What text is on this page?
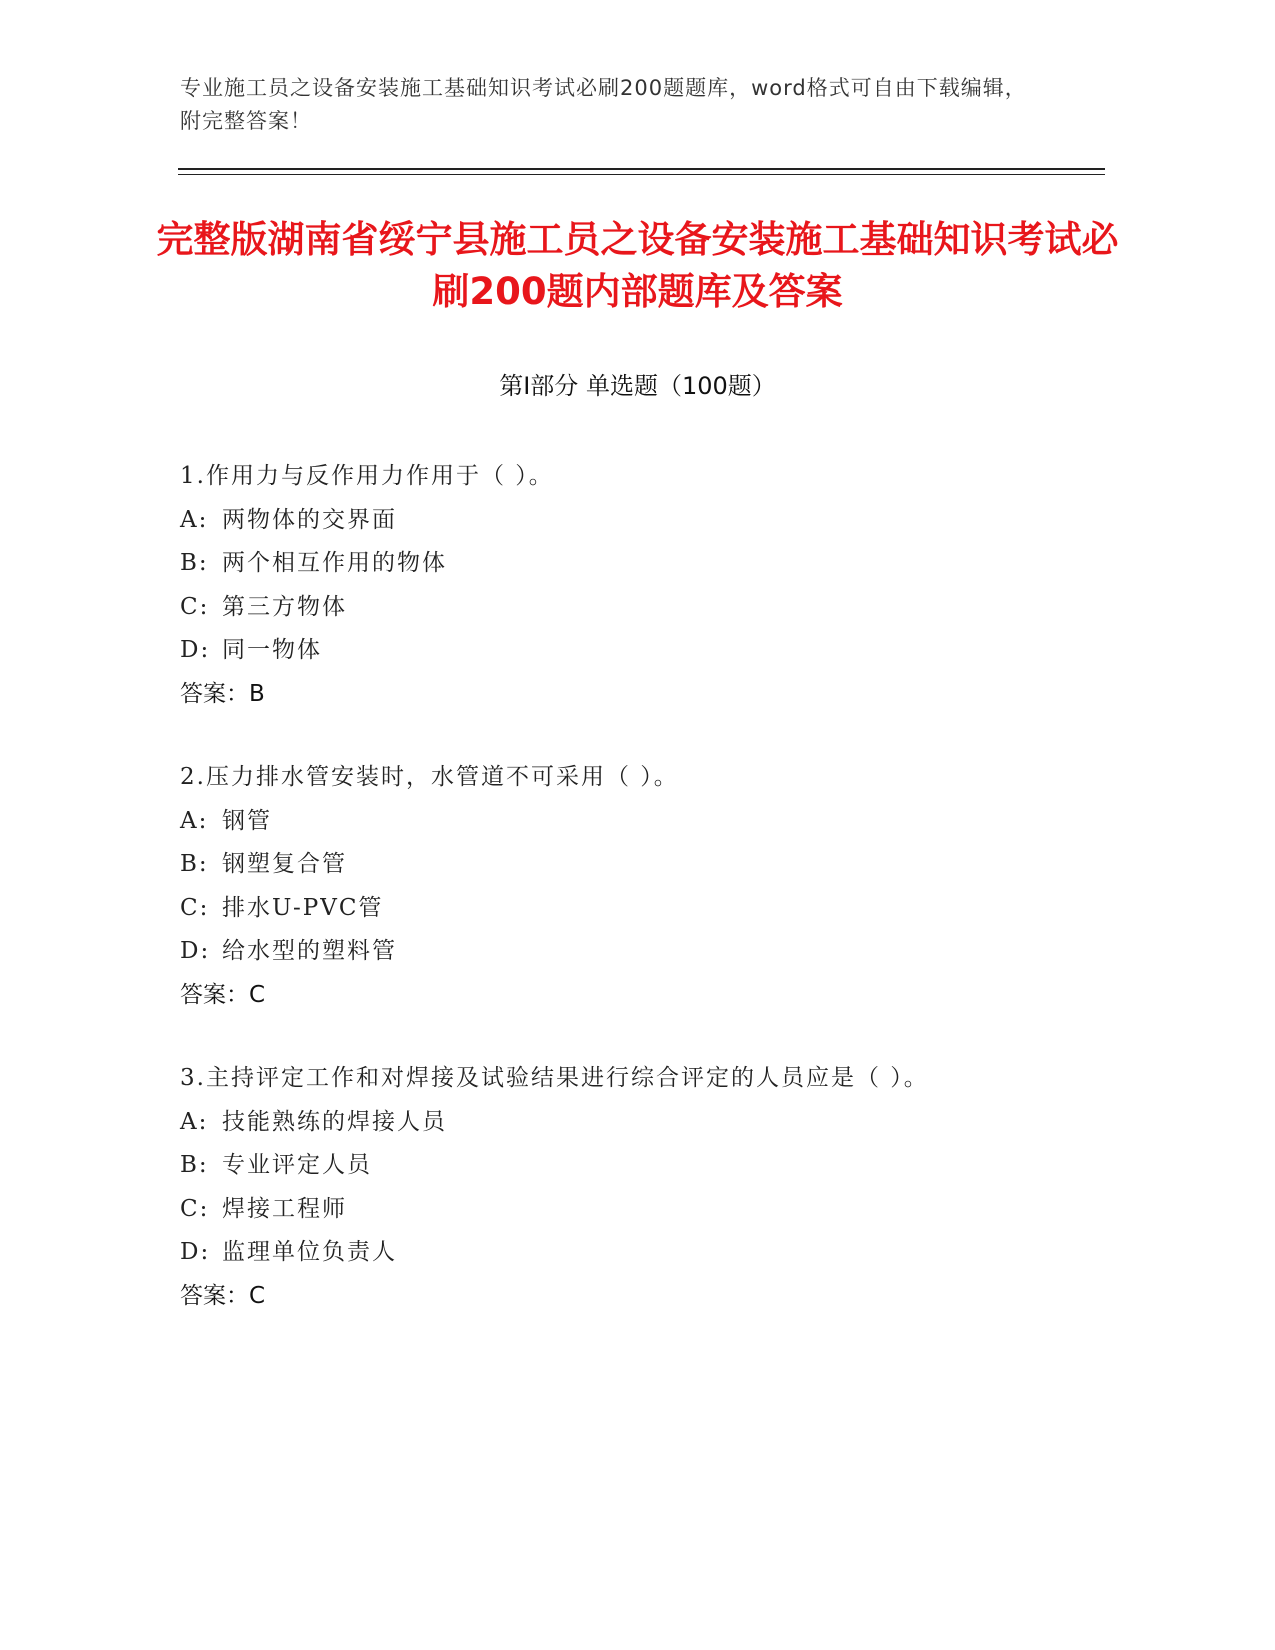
专业施工员之设备安装施工基础知识考试必刷200题题库，word格式可自由下载编辑，附完整答案！
完整版湖南省绥宁县施工员之设备安装施工基础知识考试必刷200题内部题库及答案
第I部分 单选题（100题）
1.作用力与反作用力作用于（ ）。
A: 两物体的交界面
B: 两个相互作用的物体
C: 第三方物体
D: 同一物体
答案：B
2.压力排水管安装时，水管道不可采用（ ）。
A: 钢管
B: 钢塑复合管
C: 排水U-PVC管
D: 给水型的塑料管
答案：C
3.主持评定工作和对焊接及试验结果进行综合评定的人员应是（ ）。
A: 技能熟练的焊接人员
B: 专业评定人员
C: 焊接工程师
D: 监理单位负责人
答案：C
